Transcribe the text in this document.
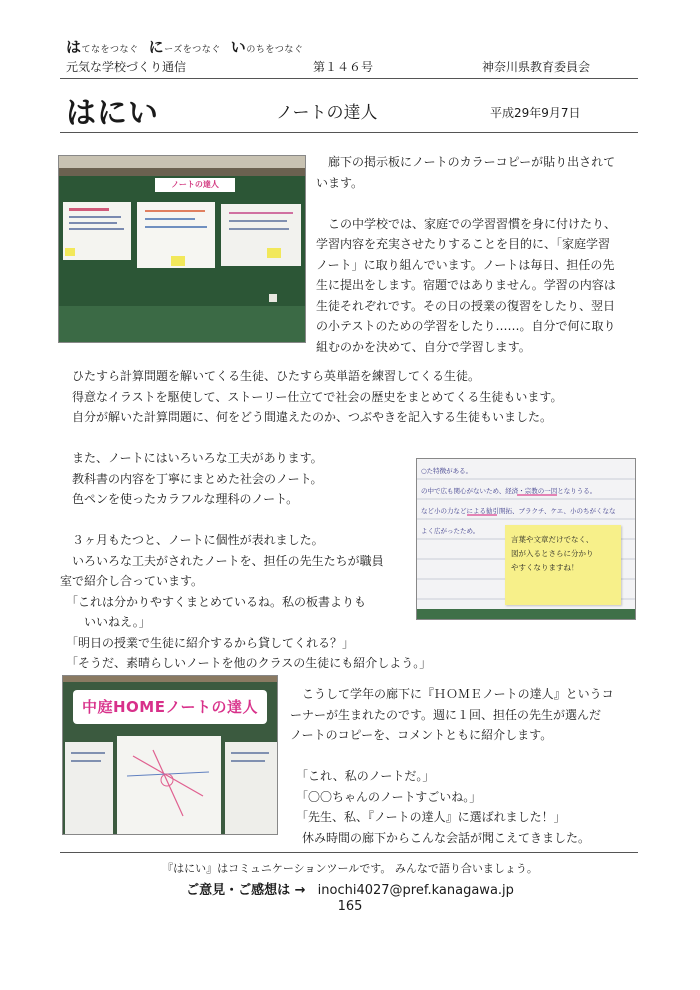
はてなをつなぐ にーズをつなぐ いのちをつなぐ
元気な学校づくり通信	第１４６号	神奈川県教育委員会
はにい	ノートの達人	平成29年9月7日
ノートの達人
　廊下の掲示板にノートのカラーコピーが貼り出されて
います。

　この中学校では、家庭での学習習慣を身に付けたり、
学習内容を充実させたりすることを目的に、「家庭学習
ノート」に取り組んでいます。ノートは毎日、担任の先
生に提出をします。宿題ではありません。学習の内容は
生徒それぞれです。その日の授業の復習をしたり、翌日
の小テストのための学習をしたり……。自分で何に取り
組むのかを決めて、自分で学習します。
　ひたすら計算問題を解いてくる生徒、ひたすら英単語を練習してくる生徒。
　得意なイラストを駆使して、ストーリー仕立てで社会の歴史をまとめてくる生徒もいます。
　自分が解いた計算問題に、何をどう間違えたのか、つぶやきを記入する生徒もいました。
　また、ノートにはいろいろな工夫があります。
　教科書の内容を丁寧にまとめた社会のノート。
　色ペンを使ったカラフルな理科のノート。

　３ヶ月もたつと、ノートに個性が表れました。
　いろいろな工夫がされたノートを、担任の先生たちが職員
室で紹介し合っています。
　「これは分かりやすくまとめているね。私の板書よりも
　　いいねえ。」
　「明日の授業で生徒に紹介するから貸してくれる？」
　「そうだ、素晴らしいノートを他のクラスの生徒にも紹介しよう。」
○た特徴がある。
の中で広も関心がないため、経済・宗教の一因となりうる。
など小の力などによる勧引開拓、ブラクチ、ケエ、小のちがくなな
よく広がったため。
言葉や文章だけでなく、
図が入るとさらに分かり
やすくなりますね！
中庭HOMEノートの達人
　こうして学年の廊下に『ＨＯＭＥノートの達人』というコ
ーナーが生まれたのです。週に１回、担任の先生が選んだ
ノートのコピーを、コメントともに紹介します。

　「これ、私のノートだ。」
　「〇〇ちゃんのノートすごいね。」
　「先生、私、『ノートの達人』に選ばれました！」
　休み時間の廊下からこんな会話が聞こえてきました。
『はにい』はコミュニケーションツールです。 みんなで語り合いましょう。
ご意見・ご感想は → inochi4027@pref.kanagawa.jp
165
